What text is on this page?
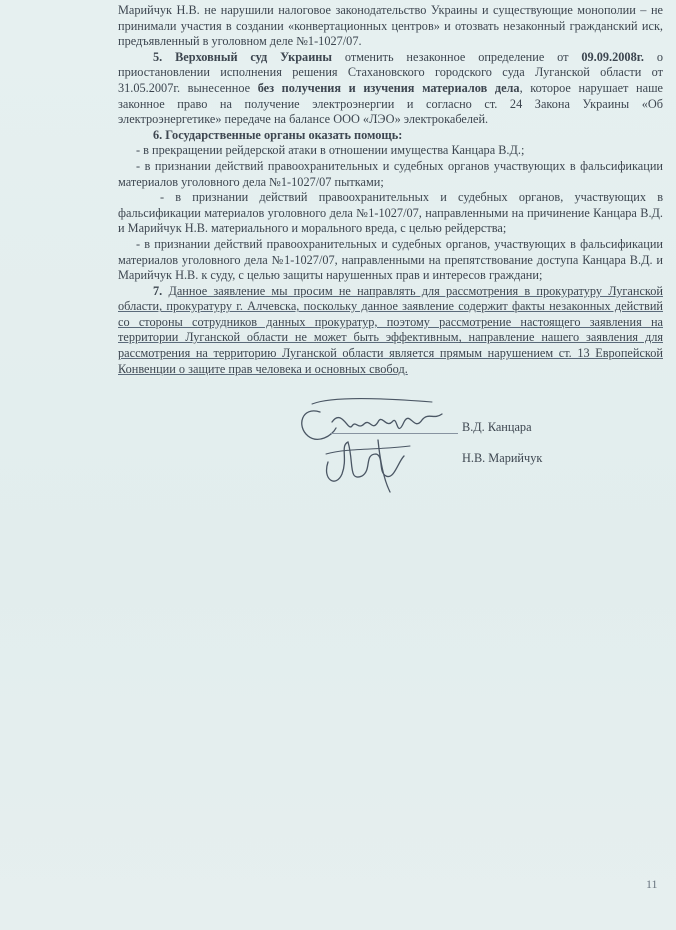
Марийчук Н.В. не нарушили налоговое законодательство Украины и существующие монополии – не принимали участия в создании «конвертационных центров» и отозвать незаконный гражданский иск, предъявленный в уголовном деле №1-1027/07.

5. Верховный суд Украины отменить незаконное определение от 09.09.2008г. о приостановлении исполнения решения Стахановского городского суда Луганской области от 31.05.2007г. вынесенное без получения и изучения материалов дела, которое нарушает наше законное право на получение электроэнергии и согласно ст. 24 Закона Украины «Об электроэнергетике» передаче на балансе ООО «ЛЭО» электрокабелей.

6. Государственные органы оказать помощь:

- в прекращении рейдерской атаки в отношении имущества Канцара В.Д.;

- в признании действий правоохранительных и судебных органов участвующих в фальсификации материалов уголовного дела №1-1027/07 пытками;

- в признании действий правоохранительных и судебных органов, участвующих в фальсификации материалов уголовного дела №1-1027/07, направленными на причинение Канцара В.Д. и Марийчук Н.В. материального и морального вреда, с целью рейдерства;

- в признании действий правоохранительных и судебных органов, участвующих в фальсификации материалов уголовного дела №1-1027/07, направленными на препятствование доступа Канцара В.Д. и Марийчук Н.В. к суду, с целью защиты нарушенных прав и интересов граждани;

7. Данное заявление мы просим не направлять для рассмотрения в прокуратуру Луганской области, прокуратуру г. Алчевска, поскольку данное заявление содержит факты незаконных действий со стороны сотрудников данных прокуратур, поэтому рассмотрение настоящего заявления на территории Луганской области не может быть эффективным, направление нашего заявления для рассмотрения на территорию Луганской области является прямым нарушением ст. 13 Европейской Конвенции о защите прав человека и основных свобод.

В.Д. Канцара
Н.В. Марийчук
11
